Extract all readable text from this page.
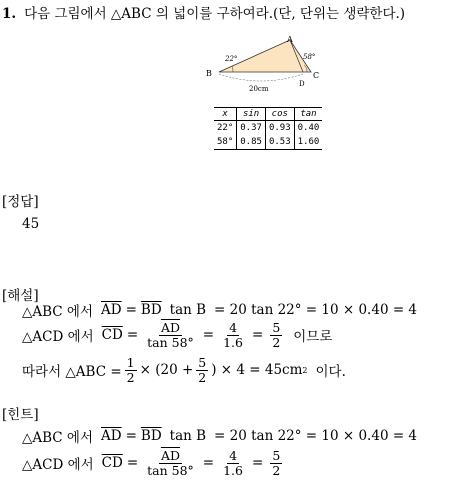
1. 다음 그림에서 △ABC 의 넓이를 구하여라.(단, 단위는 생략한다.)
A
B	C
D
22°	58°
20cm
x	sin	cos	tan
22°	0.37	0.93	0.40
58°	0.85	0.53	1.60
[정답]
45
[해설]
△ABC 에서 $\overline{AD} = \overline{BD}$ tan B = 20 tan 22° = 10 × 0.40 = 4
△ACD 에서 $\overline{CD} = \frac{\overline{AD}}{\tan 58^\circ} = \frac{4}{1.6} = \frac{5}{2}$ 이므로
따라서 △ABC = $\frac{1}{2} \times (20 + \frac{5}{2}$ ) × 4 = 45cm 2 이다.
[힌트]
△ABC 에서 $\overline{AD} = \overline{BD}$ tan B = 20 tan 22° = 10 × 0.40 = 4
△ACD 에서 $\overline{CD} = \frac{\overline{AD}}{\tan 58^\circ} = \frac{4}{1.6} = \frac{5}{2}$
